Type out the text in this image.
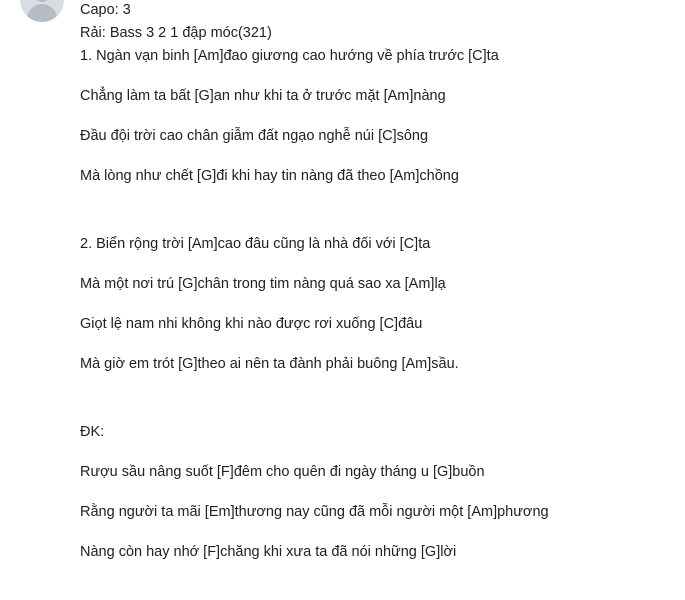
Capo: 3
Rải: Bass 3 2 1 đập móc(321)
1. Ngàn vạn binh [Am]đao giương cao hướng về phía trước [C]ta
Chẳng làm ta bất [G]an như khi ta ở trước mặt [Am]nàng
Đầu đội trời cao chân giẫm đất ngạo nghễ núi [C]sông
Mà lòng như chết [G]đi khi hay tin nàng đã theo [Am]chồng
2. Biển rộng trời [Am]cao đâu cũng là nhà đối với [C]ta
Mà một nơi trú [G]chân trong tim nàng quá sao xa [Am]lạ
Giọt lệ nam nhi không khi nào được rơi xuống [C]đâu
Mà giờ em trót [G]theo ai nên ta đành phải buông [Am]sầu.
ĐK:
Rượu sầu nâng suốt [F]đêm cho quên đi ngày tháng u [G]buồn
Rằng người ta mãi [Em]thương nay cũng đã mỗi người một [Am]phương
Nàng còn hay nhớ [F]chăng khi xưa ta đã nói những [G]lời
